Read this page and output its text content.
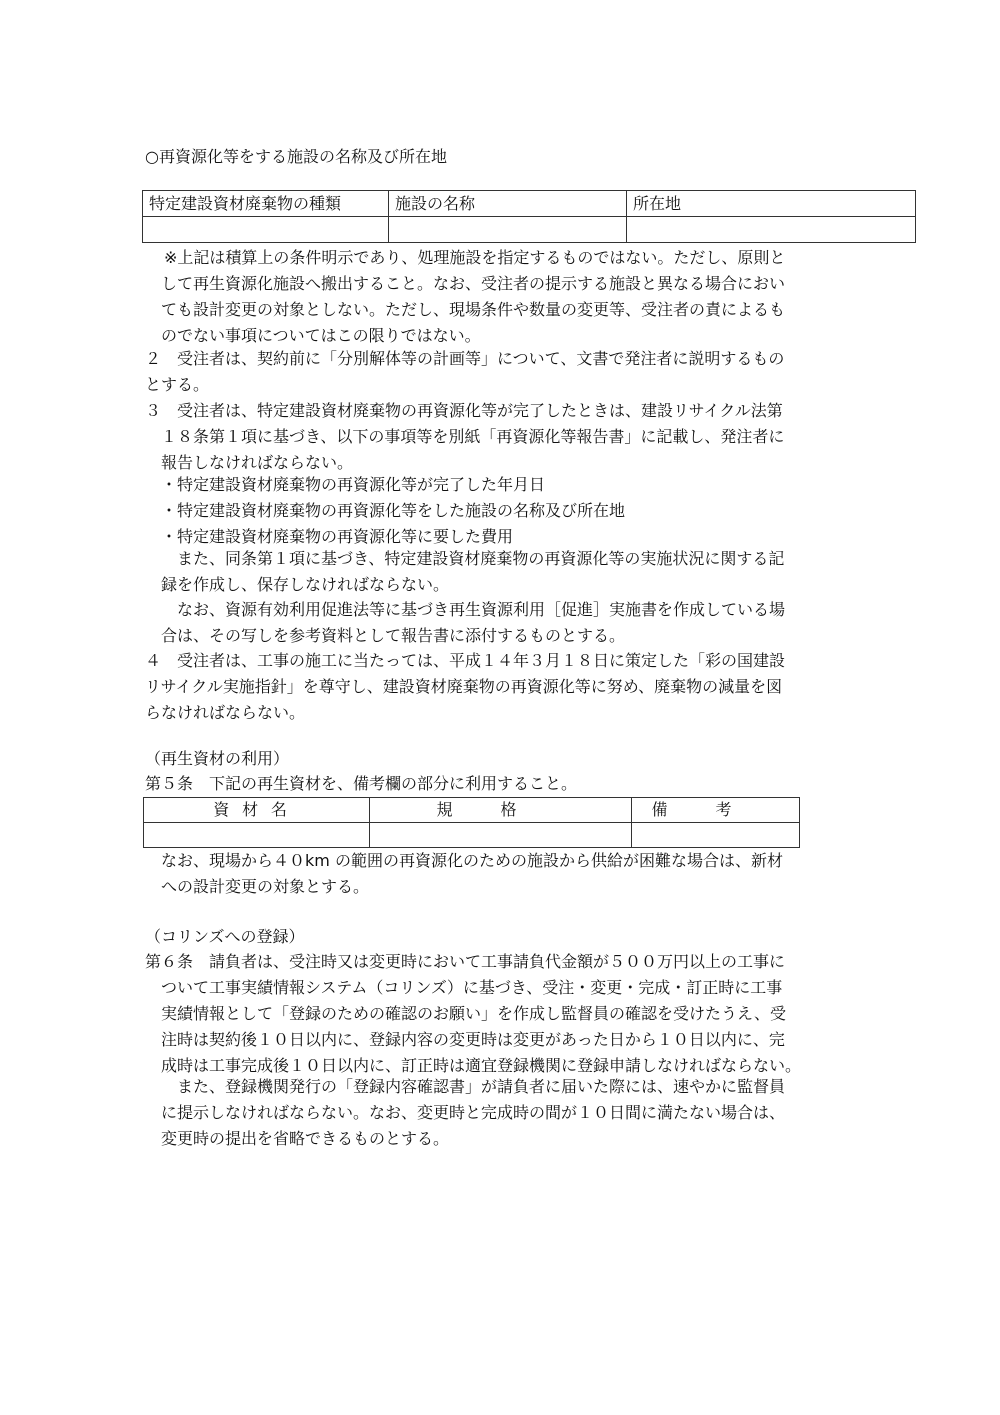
○再資源化等をする施設の名称及び所在地
特定建設資材廃棄物の種類	施設の名称	所在地

※上記は積算上の条件明示であり、処理施設を指定するものではない。ただし、原則と
して再生資源化施設へ搬出すること。なお、受注者の提示する施設と異なる場合におい
ても設計変更の対象としない。ただし、現場条件や数量の変更等、受注者の責によるも
のでない事項についてはこの限りではない。
２　受注者は、契約前に「分別解体等の計画等」について、文書で発注者に説明するもの
とする。
３　受注者は、特定建設資材廃棄物の再資源化等が完了したときは、建設リサイクル法第
１８条第１項に基づき、以下の事項等を別紙「再資源化等報告書」に記載し、発注者に
報告しなければならない。
・特定建設資材廃棄物の再資源化等が完了した年月日
・特定建設資材廃棄物の再資源化等をした施設の名称及び所在地
・特定建設資材廃棄物の再資源化等に要した費用
また、同条第１項に基づき、特定建設資材廃棄物の再資源化等の実施状況に関する記
録を作成し、保存しなければならない。
なお、資源有効利用促進法等に基づき再生資源利用［促進］実施書を作成している場
合は、その写しを参考資料として報告書に添付するものとする。
４　受注者は、工事の施工に当たっては、平成１４年３月１８日に策定した「彩の国建設
リサイクル実施指針」を尊守し、建設資材廃棄物の再資源化等に努め、廃棄物の減量を図
らなければならない。
（再生資材の利用）
第５条　下記の再生資材を、備考欄の部分に利用すること。
資材名	規格	備考

なお、現場から４０km の範囲の再資源化のための施設から供給が困難な場合は、新材
への設計変更の対象とする。
（コリンズへの登録）
第６条　請負者は、受注時又は変更時において工事請負代金額が５００万円以上の工事に
ついて工事実績情報システム（コリンズ）に基づき、受注・変更・完成・訂正時に工事
実績情報として「登録のための確認のお願い」を作成し監督員の確認を受けたうえ、受
注時は契約後１０日以内に、登録内容の変更時は変更があった日から１０日以内に、完
成時は工事完成後１０日以内に、訂正時は適宜登録機関に登録申請しなければならない。
また、登録機関発行の「登録内容確認書」が請負者に届いた際には、速やかに監督員
に提示しなければならない。なお、変更時と完成時の間が１０日間に満たない場合は、
変更時の提出を省略できるものとする。
